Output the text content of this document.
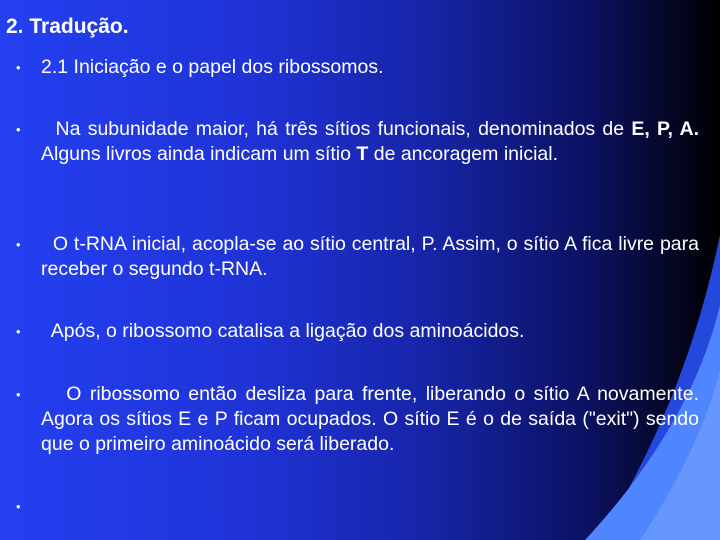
2. Tradução.
• 2.1 Iniciação e o papel dos ribossomos.
• Na subunidade maior, há três sítios funcionais, denominados de E, P, A. Alguns livros ainda indicam um sítio T de ancoragem inicial.
• O t-RNA inicial, acopla-se ao sítio central, P. Assim, o sítio A fica livre para receber o segundo t-RNA.
• Após, o ribossomo catalisa a ligação dos aminoácidos.
• O ribossomo então desliza para frente, liberando o sítio A novamente. Agora os sítios E e P ficam ocupados. O sítio E é o de saída ("exit") sendo que o primeiro aminoácido será liberado.
•
